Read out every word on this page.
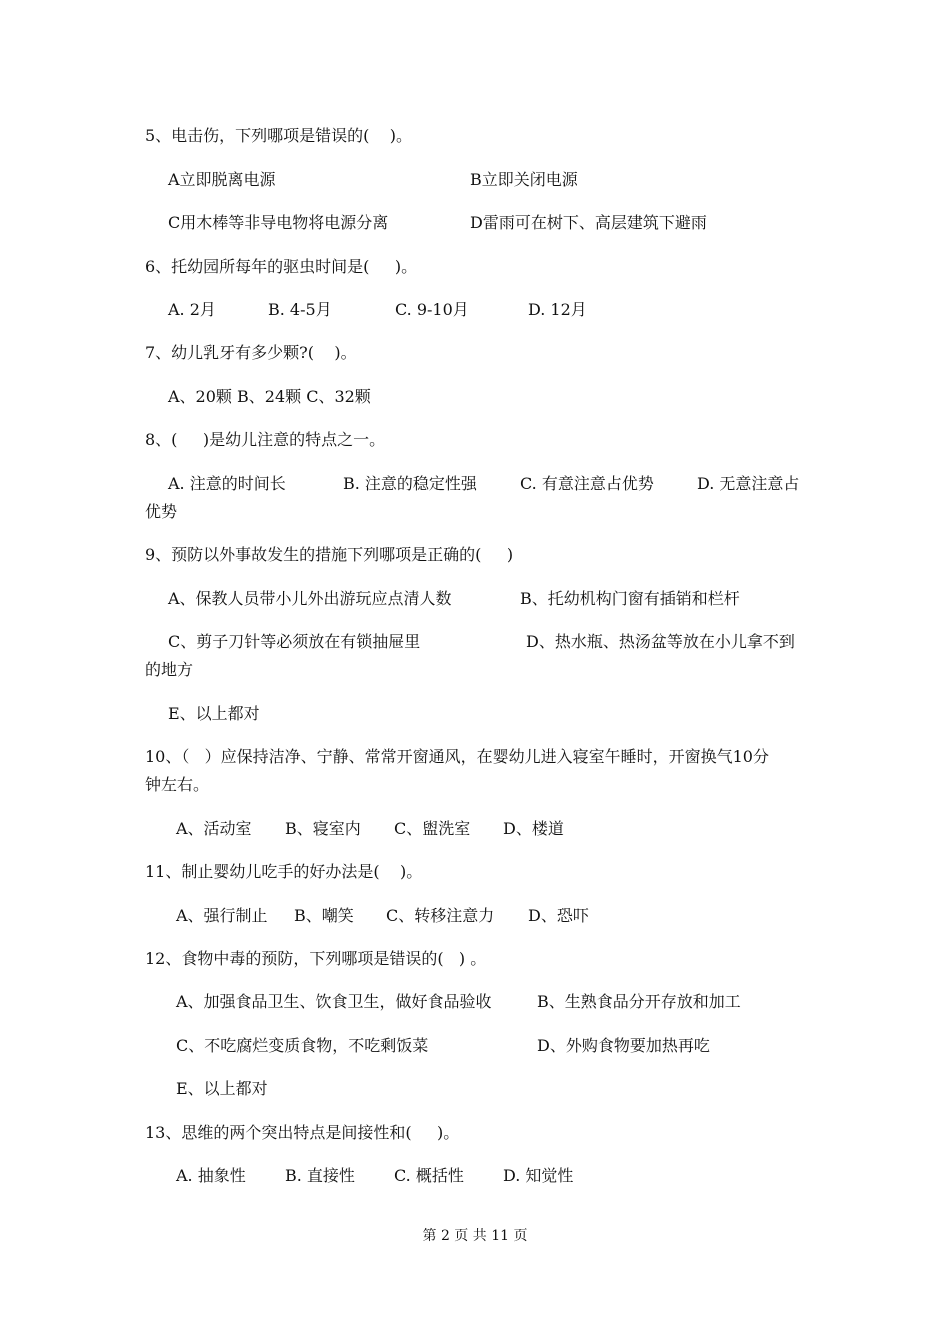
5、电击伤，下列哪项是错误的(    )。
A立即脱离电源	B立即关闭电源
C用木棒等非导电物将电源分离	D雷雨可在树下、高层建筑下避雨
6、托幼园所每年的驱虫时间是(     )。
A. 2月	B. 4-5月	C. 9-10月	D. 12月
7、幼儿乳牙有多少颗?(    )。
A、20颗 B、24颗 C、32颗
8、(     )是幼儿注意的特点之一。
A. 注意的时间长	B. 注意的稳定性强	C. 有意注意占优势	D. 无意注意占
优势
9、预防以外事故发生的措施下列哪项是正确的(     )
A、保教人员带小儿外出游玩应点清人数	B、托幼机构门窗有插销和栏杆
C、剪子刀针等必须放在有锁抽屉里	D、热水瓶、热汤盆等放在小儿拿不到
的地方
E、以上都对
10、（   ）应保持洁净、宁静、常常开窗通风，在婴幼儿进入寝室午睡时，开窗换气10分
钟左右。
A、活动室 B、寝室内 C、盥洗室 D、楼道
11、制止婴幼儿吃手的好办法是(    )。
A、强行制止 B、嘲笑 C、转移注意力 D、恐吓
12、食物中毒的预防，下列哪项是错误的(   ) 。
A、加强食品卫生、饮食卫生，做好食品验收	B、生熟食品分开存放和加工
C、不吃腐烂变质食物，不吃剩饭菜	D、外购食物要加热再吃
E、以上都对
13、思维的两个突出特点是间接性和(     )。
A. 抽象性 B. 直接性 C. 概括性 D. 知觉性
第 2 页 共 11 页
